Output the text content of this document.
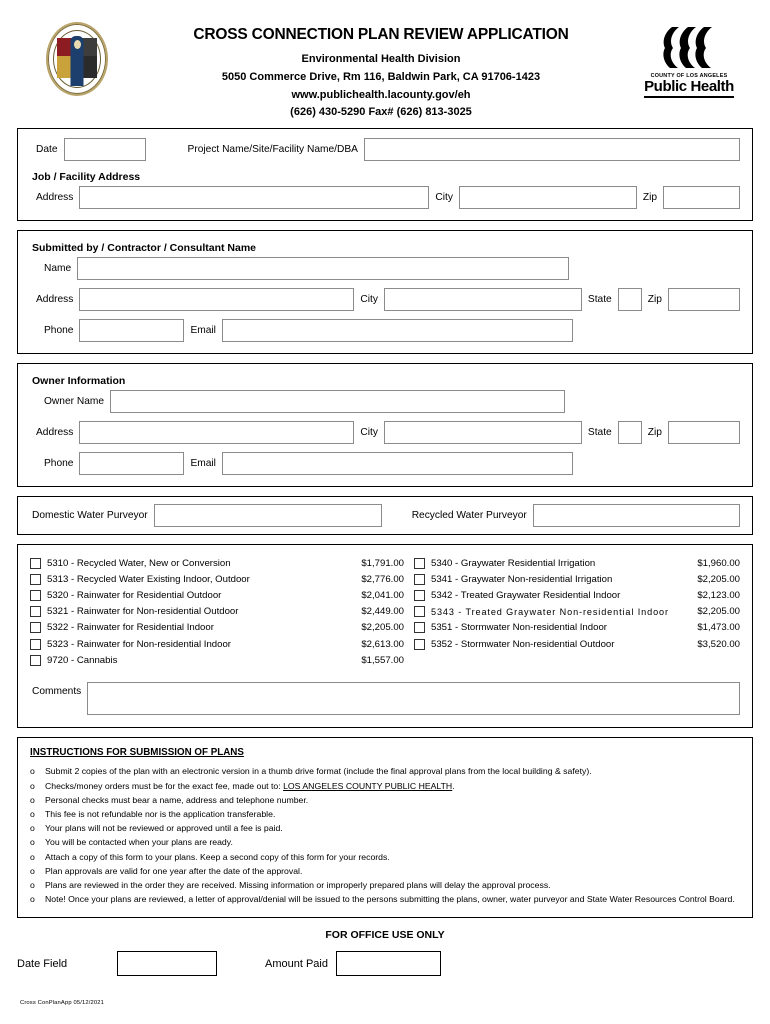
CROSS CONNECTION PLAN REVIEW APPLICATION
Environmental Health Division
5050 Commerce Drive, Rm 116, Baldwin Park, CA 91706-1423
www.publichealth.lacounty.gov/eh
(626) 430-5290 Fax# (626) 813-3025
COUNTY OF LOS ANGELES
Public Health
Date	Project Name/Site/Facility Name/DBA
Job / Facility Address
Address	City	Zip
Submitted by / Contractor / Consultant Name
Name
Address	City	State	Zip
Phone	Email
Owner Information
Owner Name
Address	City	State	Zip
Phone	Email
Domestic Water Purveyor	Recycled Water Purveyor
5310 - Recycled Water, New or Conversion	$1,791.00
5313 - Recycled Water Existing Indoor, Outdoor	$2,776.00
5320 - Rainwater for Residential Outdoor	$2,041.00
5321 - Rainwater for Non-residential Outdoor	$2,449.00
5322 - Rainwater for Residential Indoor	$2,205.00
5323 - Rainwater for Non-residential Indoor	$2,613.00
9720 - Cannabis	$1,557.00
5340 - Graywater Residential Irrigation	$1,960.00
5341 - Graywater Non-residential Irrigation	$2,205.00
5342 - Treated Graywater Residential Indoor	$2,123.00
5343 - Treated Graywater Non-residential Indoor	$2,205.00
5351 - Stormwater Non-residential Indoor	$1,473.00
5352 - Stormwater Non-residential Outdoor	$3,520.00
Comments
INSTRUCTIONS FOR SUBMISSION OF PLANS
o	Submit 2 copies of the plan with an electronic version in a thumb drive format (include the final approval plans from the local building & safety).
o	Checks/money orders must be for the exact fee, made out to: LOS ANGELES COUNTY PUBLIC HEALTH.
o	Personal checks must bear a name, address and telephone number.
o	This fee is not refundable nor is the application transferable.
o	Your plans will not be reviewed or approved until a fee is paid.
o	You will be contacted when your plans are ready.
o	Attach a copy of this form to your plans. Keep a second copy of this form for your records.
o	Plan approvals are valid for one year after the date of the approval.
o	Plans are reviewed in the order they are received. Missing information or improperly prepared plans will delay the approval process.
o	Note! Once your plans are reviewed, a letter of approval/denial will be issued to the persons submitting the plans, owner, water purveyor and State Water Resources Control Board.
FOR OFFICE USE ONLY
Date Field	Amount Paid
Cross ConPlanApp 05/12/2021
